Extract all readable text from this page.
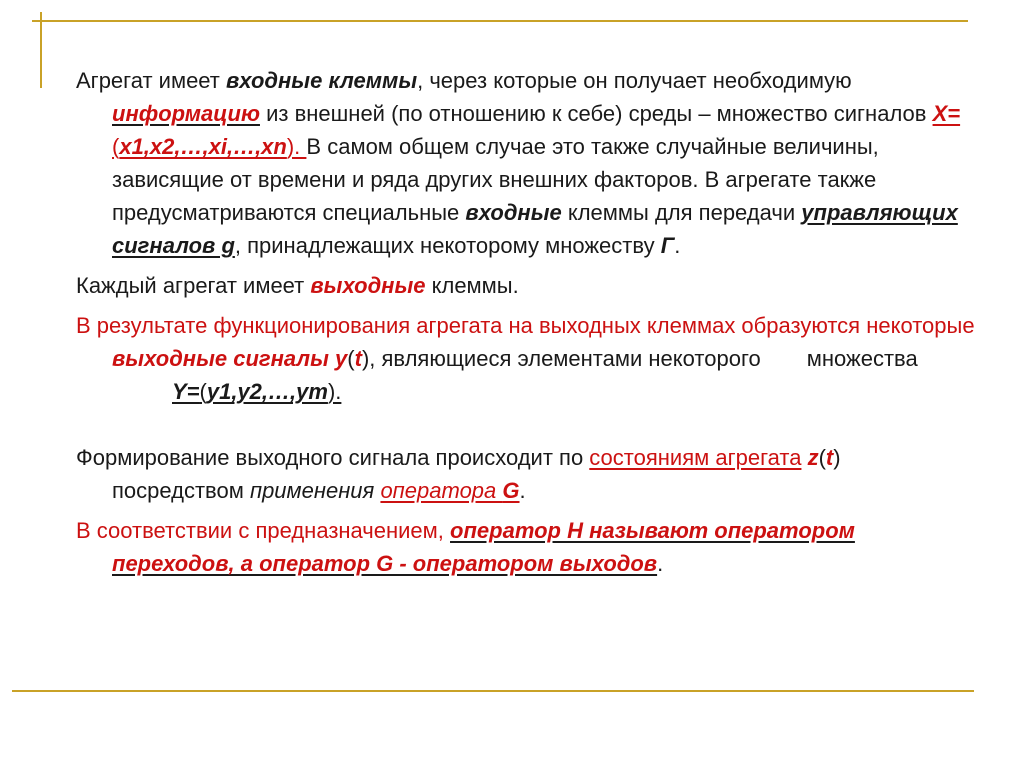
Агрегат имеет входные клеммы, через которые он получает необходимую информацию из внешней (по отношению к себе) среды – множество сигналов X=(x1,x2,…,xi,…,xn). В самом общем случае это также случайные величины, зависящие от времени и ряда других внешних факторов. В агрегате также предусматриваются специальные входные клеммы для передачи управляющих сигналов g, принадлежащих некоторому множеству Г.

Каждый агрегат имеет выходные клеммы.

В результате функционирования агрегата на выходных клеммах образуются некоторые выходные сигналы y(t), являющиеся элементами некоторого множестваY=(y1,y2,…,ym).

Формирование выходного сигнала происходит по состояниям агрегата z(t) посредством применения оператора G.

В соответствии с предназначением, оператор H называют оператором переходов, а оператор G - оператором выходов.
